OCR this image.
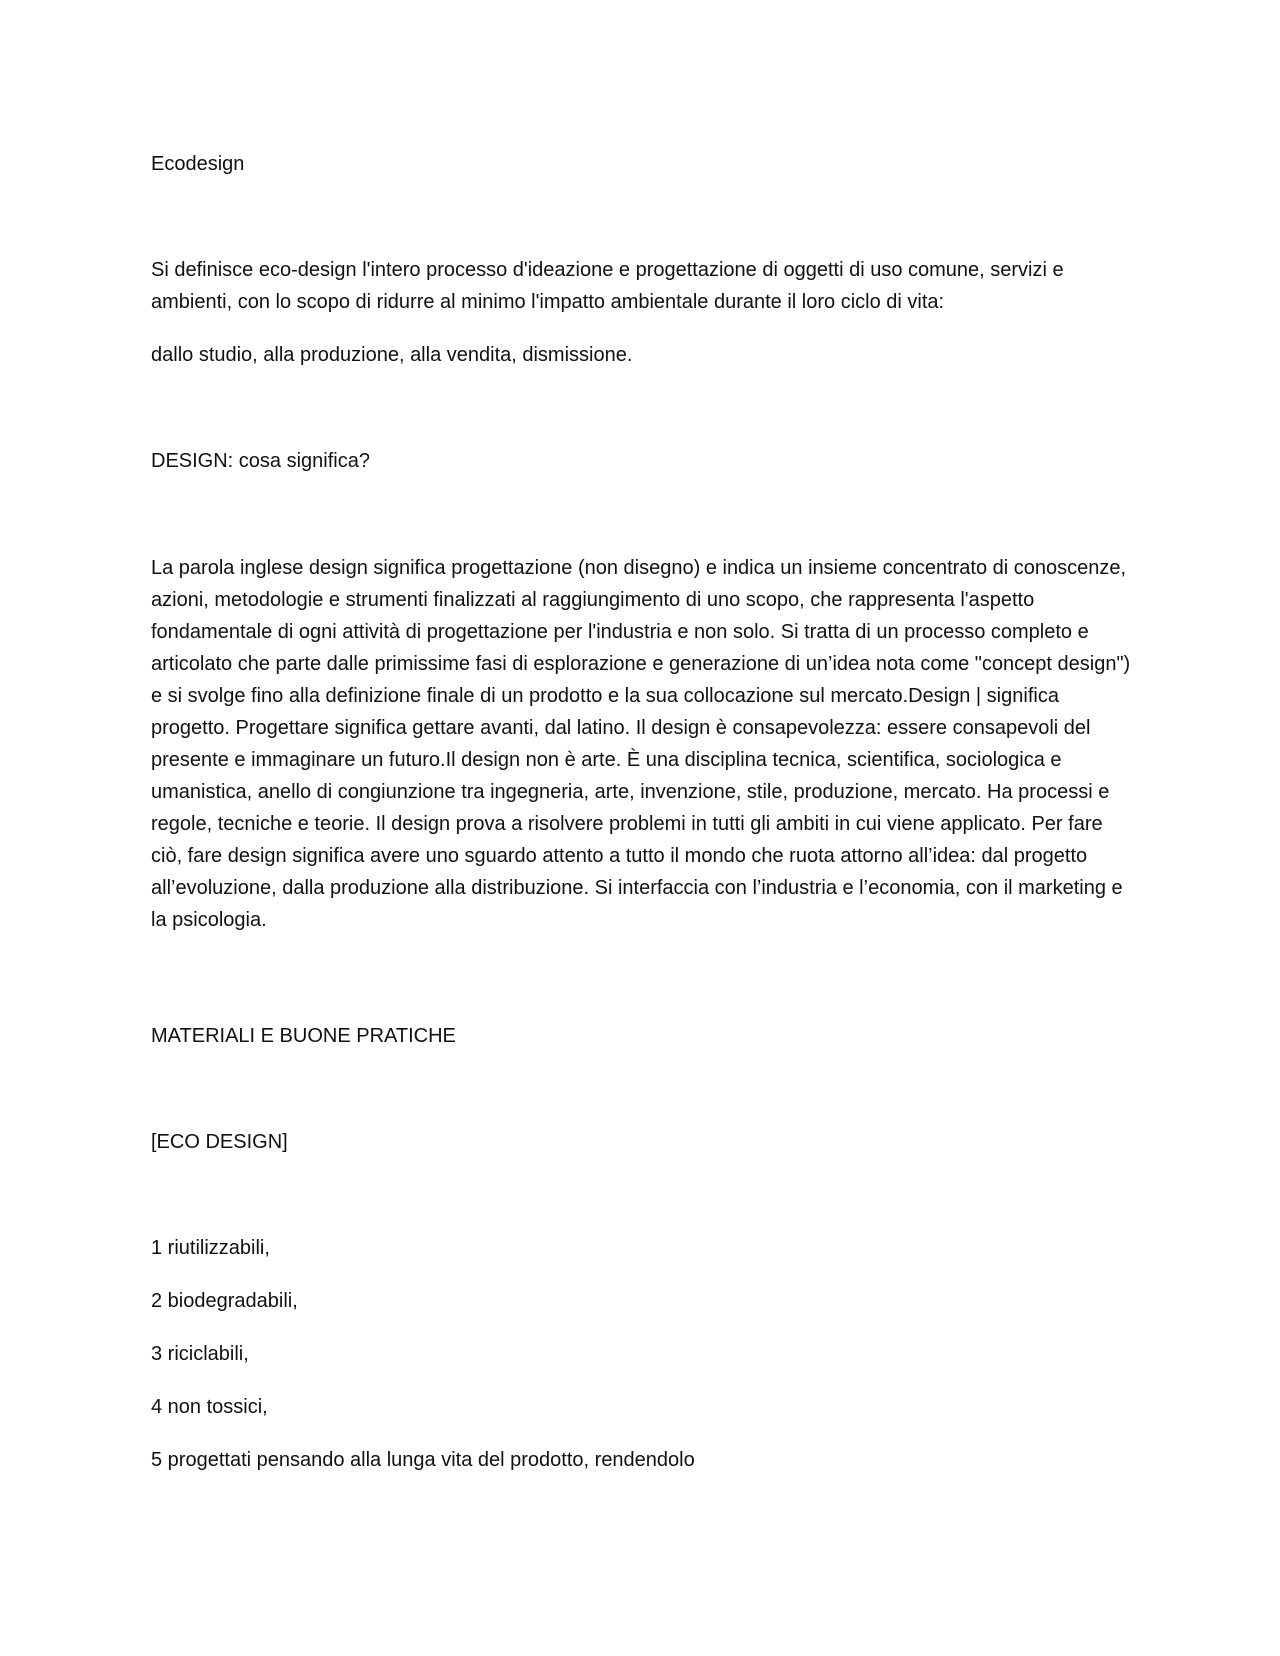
Ecodesign

Si definisce eco-design l'intero processo d'ideazione e progettazione di oggetti di uso comune, servizi e ambienti, con lo scopo di ridurre al minimo l'impatto ambientale durante il loro ciclo di vita:

dallo studio, alla produzione, alla vendita, dismissione.

DESIGN: cosa significa?

La parola inglese design significa progettazione (non disegno) e indica un insieme concentrato di conoscenze, azioni, metodologie e strumenti finalizzati al raggiungimento di uno scopo, che rappresenta l'aspetto fondamentale di ogni attività di progettazione per l'industria e non solo. Si tratta di un processo completo e articolato che parte dalle primissime fasi di esplorazione e generazione di un’idea nota come "concept design") e si svolge fino alla definizione finale di un prodotto e la sua collocazione sul mercato.Design | significa progetto. Progettare significa gettare avanti, dal latino. Il design è consapevolezza: essere consapevoli del presente e immaginare un futuro.Il design non è arte. È una disciplina tecnica, scientifica, sociologica e umanistica, anello di congiunzione tra ingegneria, arte, invenzione, stile, produzione, mercato. Ha processi e regole, tecniche e teorie. Il design prova a risolvere problemi in tutti gli ambiti in cui viene applicato. Per fare ciò, fare design significa avere uno sguardo attento a tutto il mondo che ruota attorno all’idea: dal progetto all’evoluzione, dalla produzione alla distribuzione. Si interfaccia con l’industria e l’economia, con il marketing e la psicologia.

MATERIALI E BUONE PRATICHE

[ECO DESIGN]

1 riutilizzabili,

2 biodegradabili,

3 riciclabili,

4 non tossici,

5 progettati pensando alla lunga vita del prodotto, rendendolo
